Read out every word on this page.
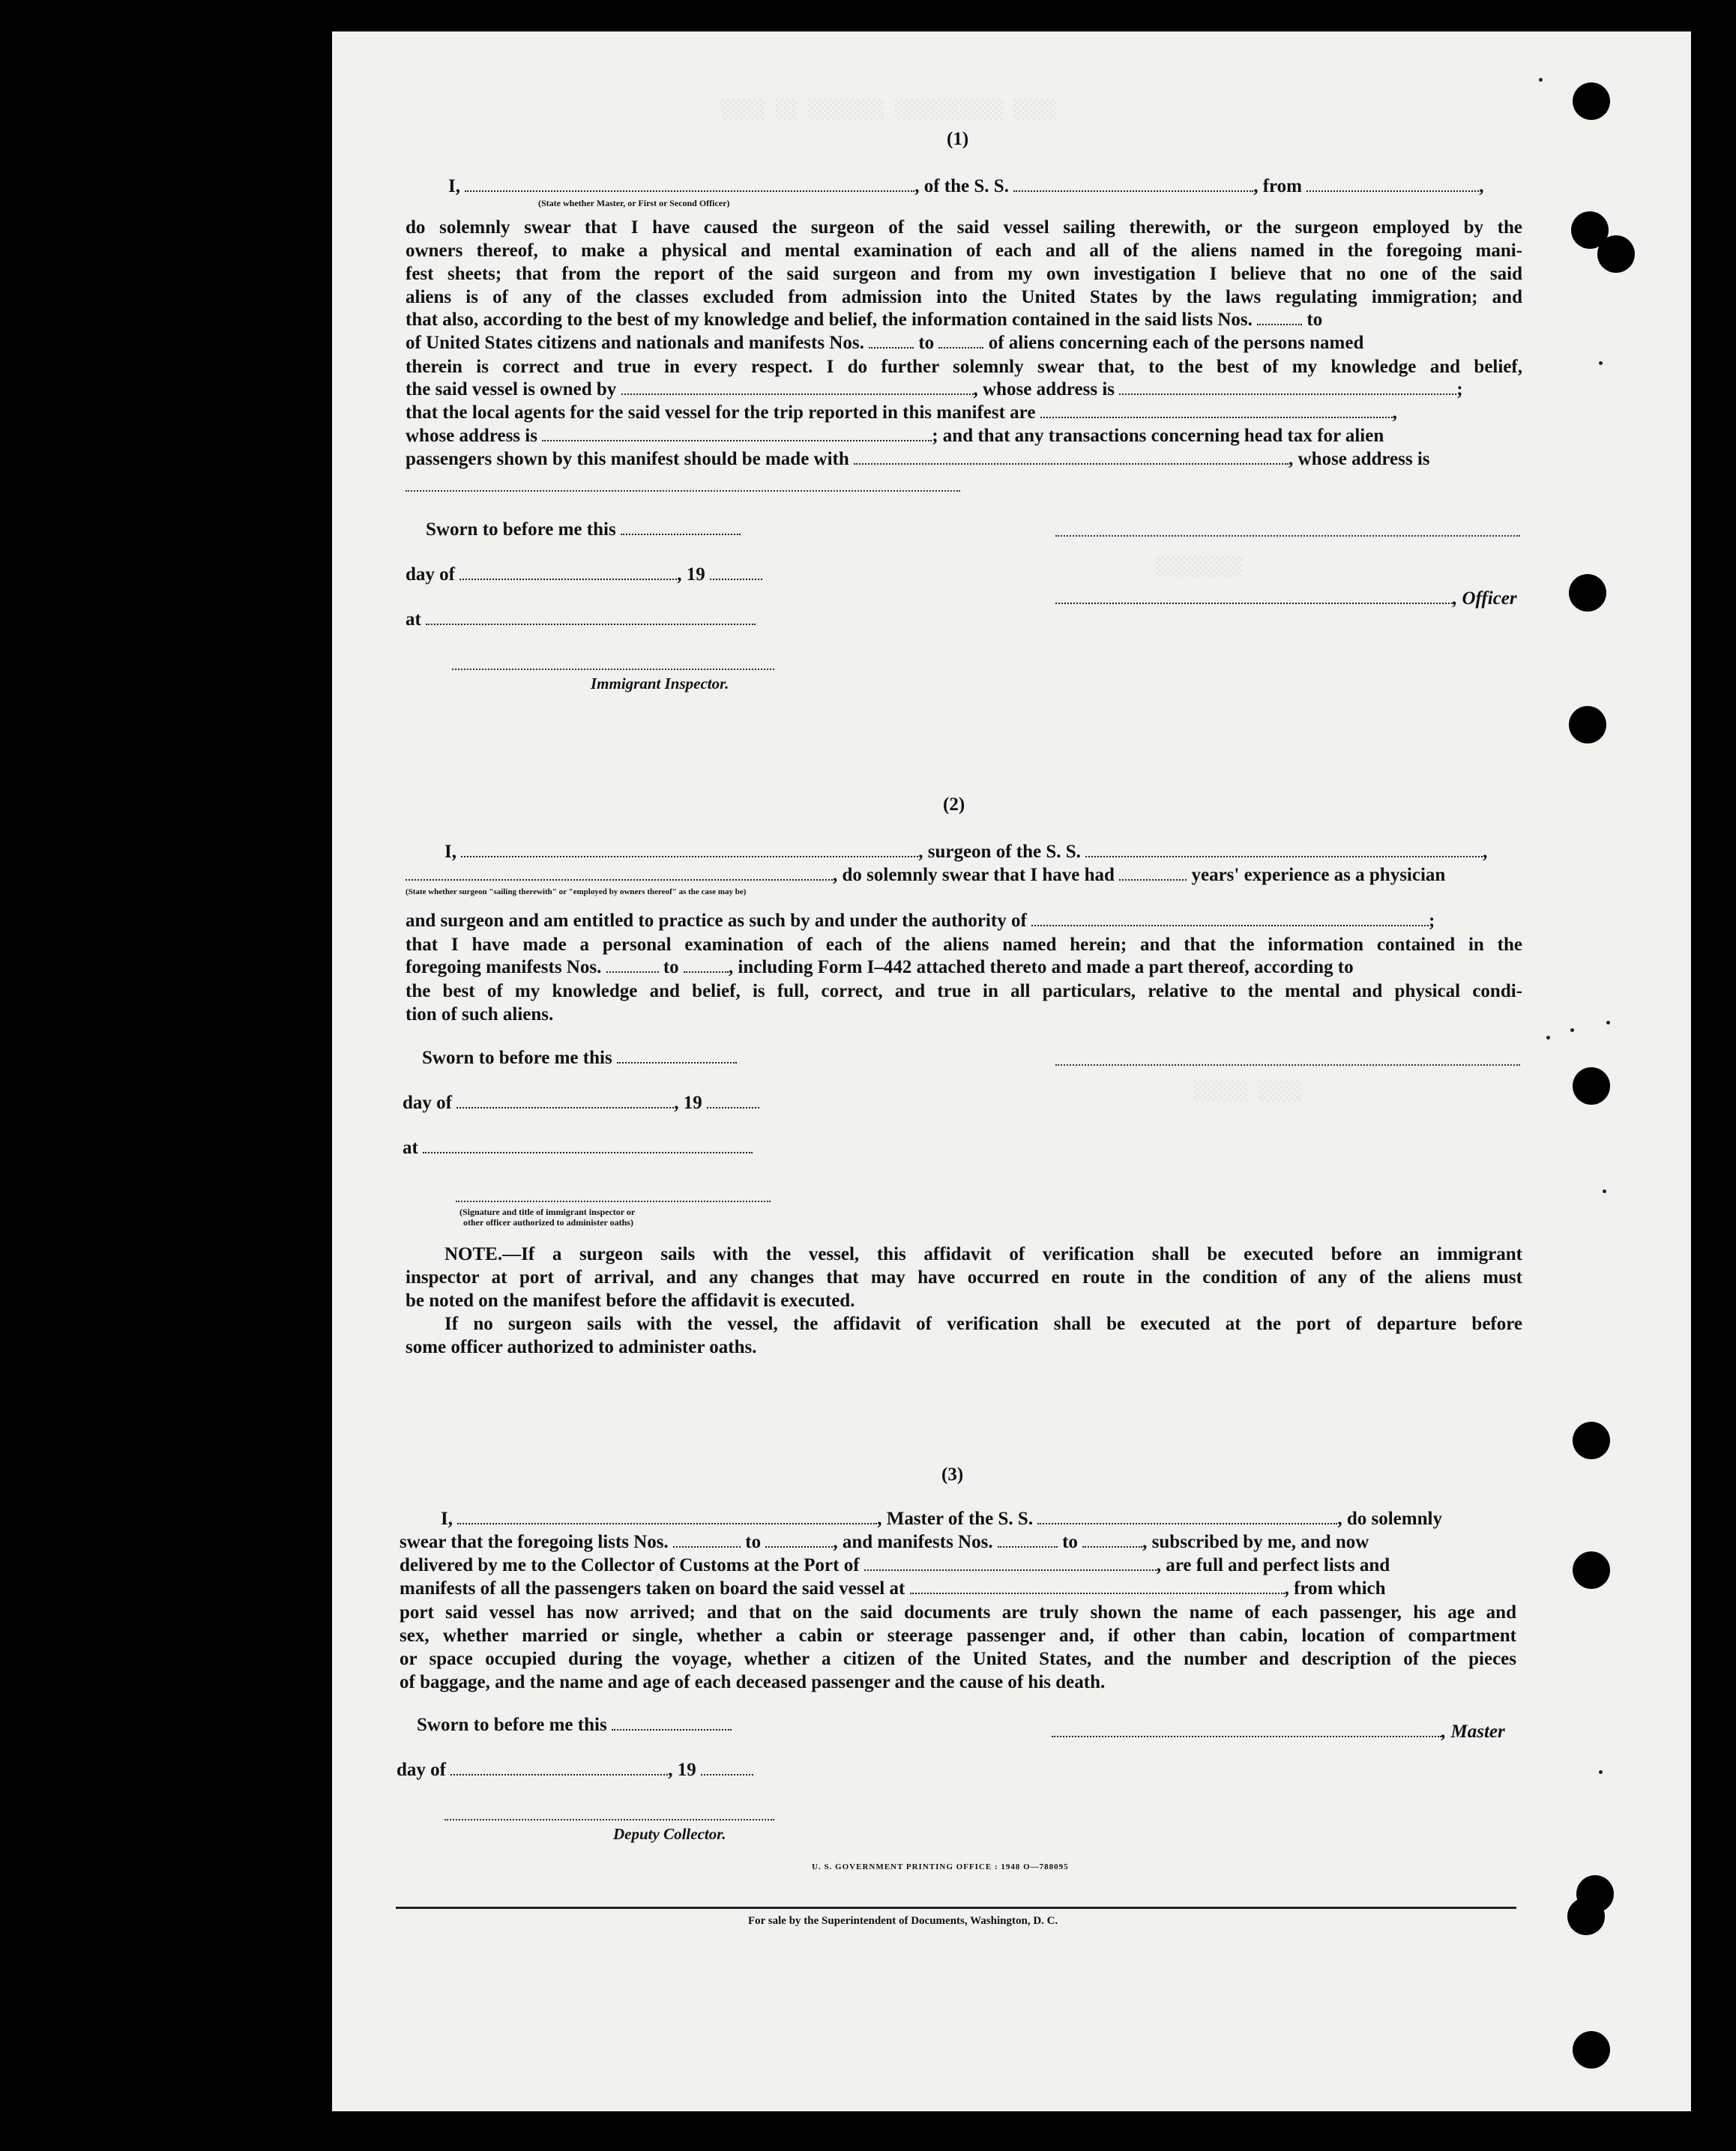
░░░░ ░░ ░░░░░░░ ░░░░░░░░░░ ░░░░
░░░░░░░░
░░░░░ ░░░░
(1)
I,	, of the S. S.	, from	,
(State whether Master, or First or Second Officer)
do solemnly swear that I have caused the surgeon of the said vessel sailing therewith, or the surgeon employed by the
owners thereof, to make a physical and mental examination of each and all of the aliens named in the foregoing mani-
fest sheets; that from the report of the said surgeon and from my own investigation I believe that no one of the said
aliens is of any of the classes excluded from admission into the United States by the laws regulating immigration; and
that also, according to the best of my knowledge and belief, the information contained in the said lists Nos.	to
of United States citizens and nationals and manifests Nos.	to	of aliens concerning each of the persons named
therein is correct and true in every respect. I do further solemnly swear that, to the best of my knowledge and belief,
the said vessel is owned by	, whose address is	;
that the local agents for the said vessel for the trip reported in this manifest are	,
whose address is	; and that any transactions concerning head tax for alien
passengers shown by this manifest should be made with	, whose address is
Sworn to before me this
day of	, 19
, Officer
at
Immigrant Inspector.
(2)
I,	, surgeon of the S. S.	,
, do solemnly swear that I have had	years' experience as a physician
(State whether surgeon "sailing therewith" or "employed by owners thereof" as the case may be)
and surgeon and am entitled to practice as such by and under the authority of	;
that I have made a personal examination of each of the aliens named herein; and that the information contained in the
foregoing manifests Nos.	to	, including Form I–442 attached thereto and made a part thereof, according to
the best of my knowledge and belief, is full, correct, and true in all particulars, relative to the mental and physical condi-
tion of such aliens.
Sworn to before me this
day of	, 19
at
(Signature and title of immigrant inspector or
other officer authorized to administer oaths)
NOTE.—If a surgeon sails with the vessel, this affidavit of verification shall be executed before an immigrant
inspector at port of arrival, and any changes that may have occurred en route in the condition of any of the aliens must
be noted on the manifest before the affidavit is executed.
If no surgeon sails with the vessel, the affidavit of verification shall be executed at the port of departure before
some officer authorized to administer oaths.
(3)
I,	, Master of the S. S.	, do solemnly
swear that the foregoing lists Nos.	to	, and manifests Nos.	to	, subscribed by me, and now
delivered by me to the Collector of Customs at the Port of	, are full and perfect lists and
manifests of all the passengers taken on board the said vessel at	, from which
port said vessel has now arrived; and that on the said documents are truly shown the name of each passenger, his age and
sex, whether married or single, whether a cabin or steerage passenger and, if other than cabin, location of compartment
or space occupied during the voyage, whether a citizen of the United States, and the number and description of the pieces
of baggage, and the name and age of each deceased passenger and the cause of his death.
Sworn to before me this	, Master
day of	, 19
Deputy Collector.
U. S. GOVERNMENT PRINTING OFFICE : 1948 O—788095
For sale by the Superintendent of Documents, Washington, D. C.
